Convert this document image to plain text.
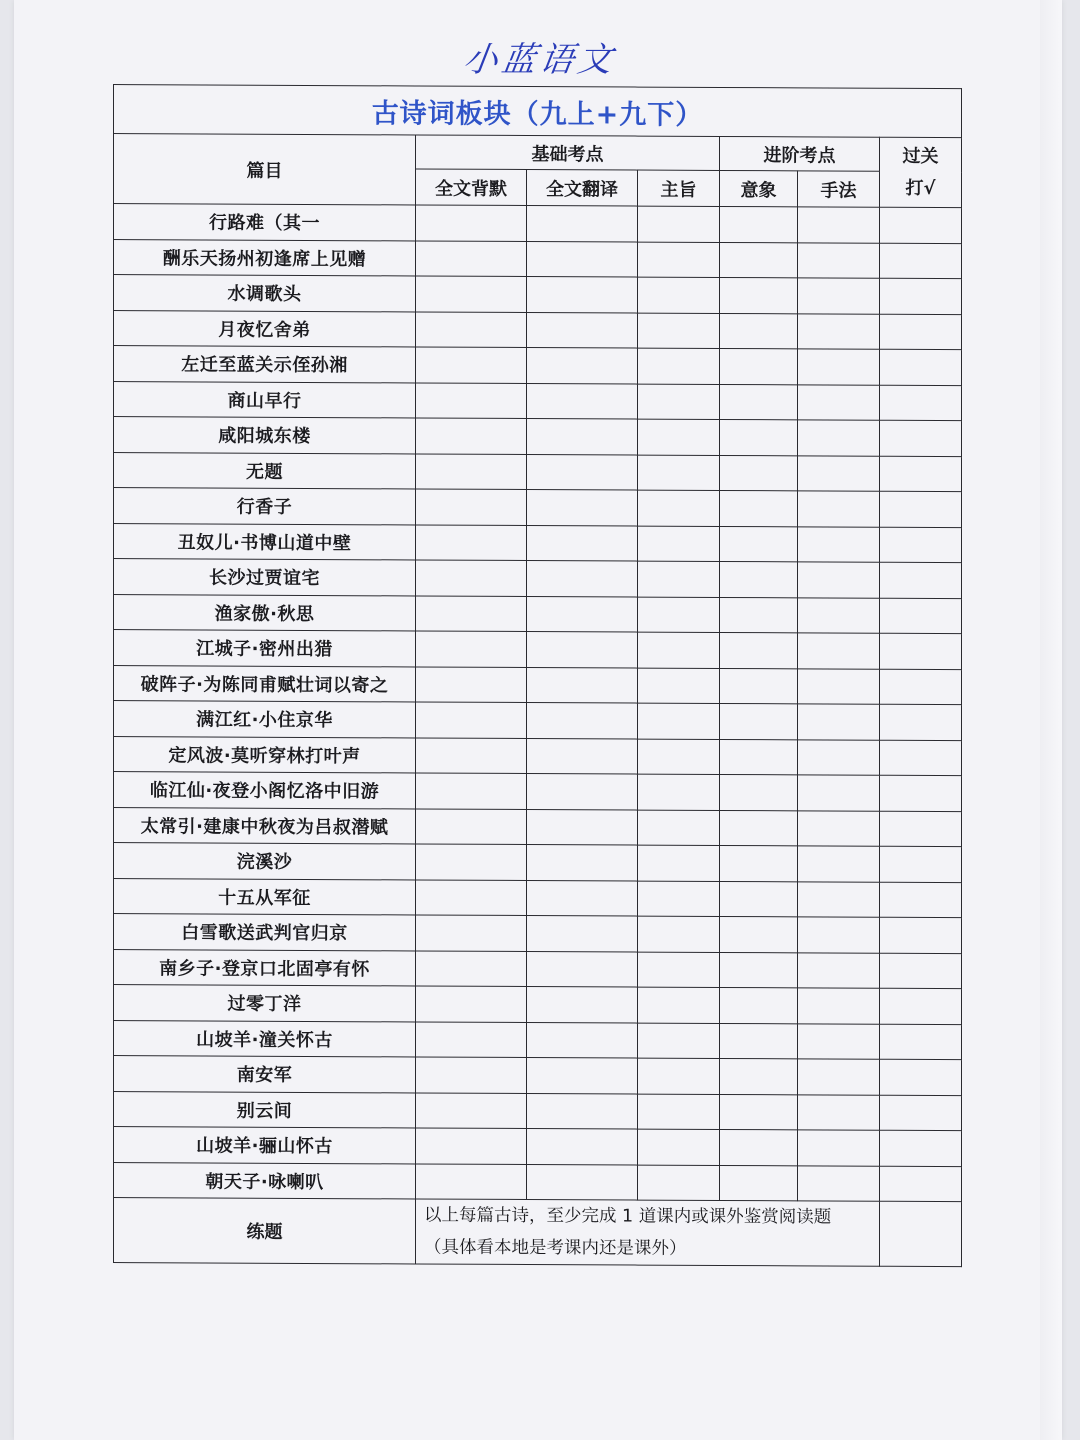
小蓝语文
古诗词板块（九上+九下）						
篇目	基础考点			进阶考点		过关打√
	全文背默	全文翻译	主旨	意象	手法	
行路难（其一						
酬乐天扬州初逢席上见赠						
水调歌头						
月夜忆舍弟						
左迁至蓝关示侄孙湘						
商山早行						
咸阳城东楼						
无题						
行香子						
丑奴儿·书博山道中壁						
长沙过贾谊宅						
渔家傲·秋思						
江城子·密州出猎						
破阵子·为陈同甫赋壮词以寄之						
满江红·小住京华						
定风波·莫听穿林打叶声						
临江仙·夜登小阁忆洛中旧游						
太常引·建康中秋夜为吕叔潜赋						
浣溪沙						
十五从军征						
白雪歌送武判官归京						
南乡子·登京口北固亭有怀						
过零丁洋						
山坡羊·潼关怀古						
南安军						
别云间						
山坡羊·骊山怀古						
朝天子·咏喇叭						
练题	以上每篇古诗，至少完成 1 道课内或课外鉴赏阅读题
（具体看本地是考课内还是课外）					
